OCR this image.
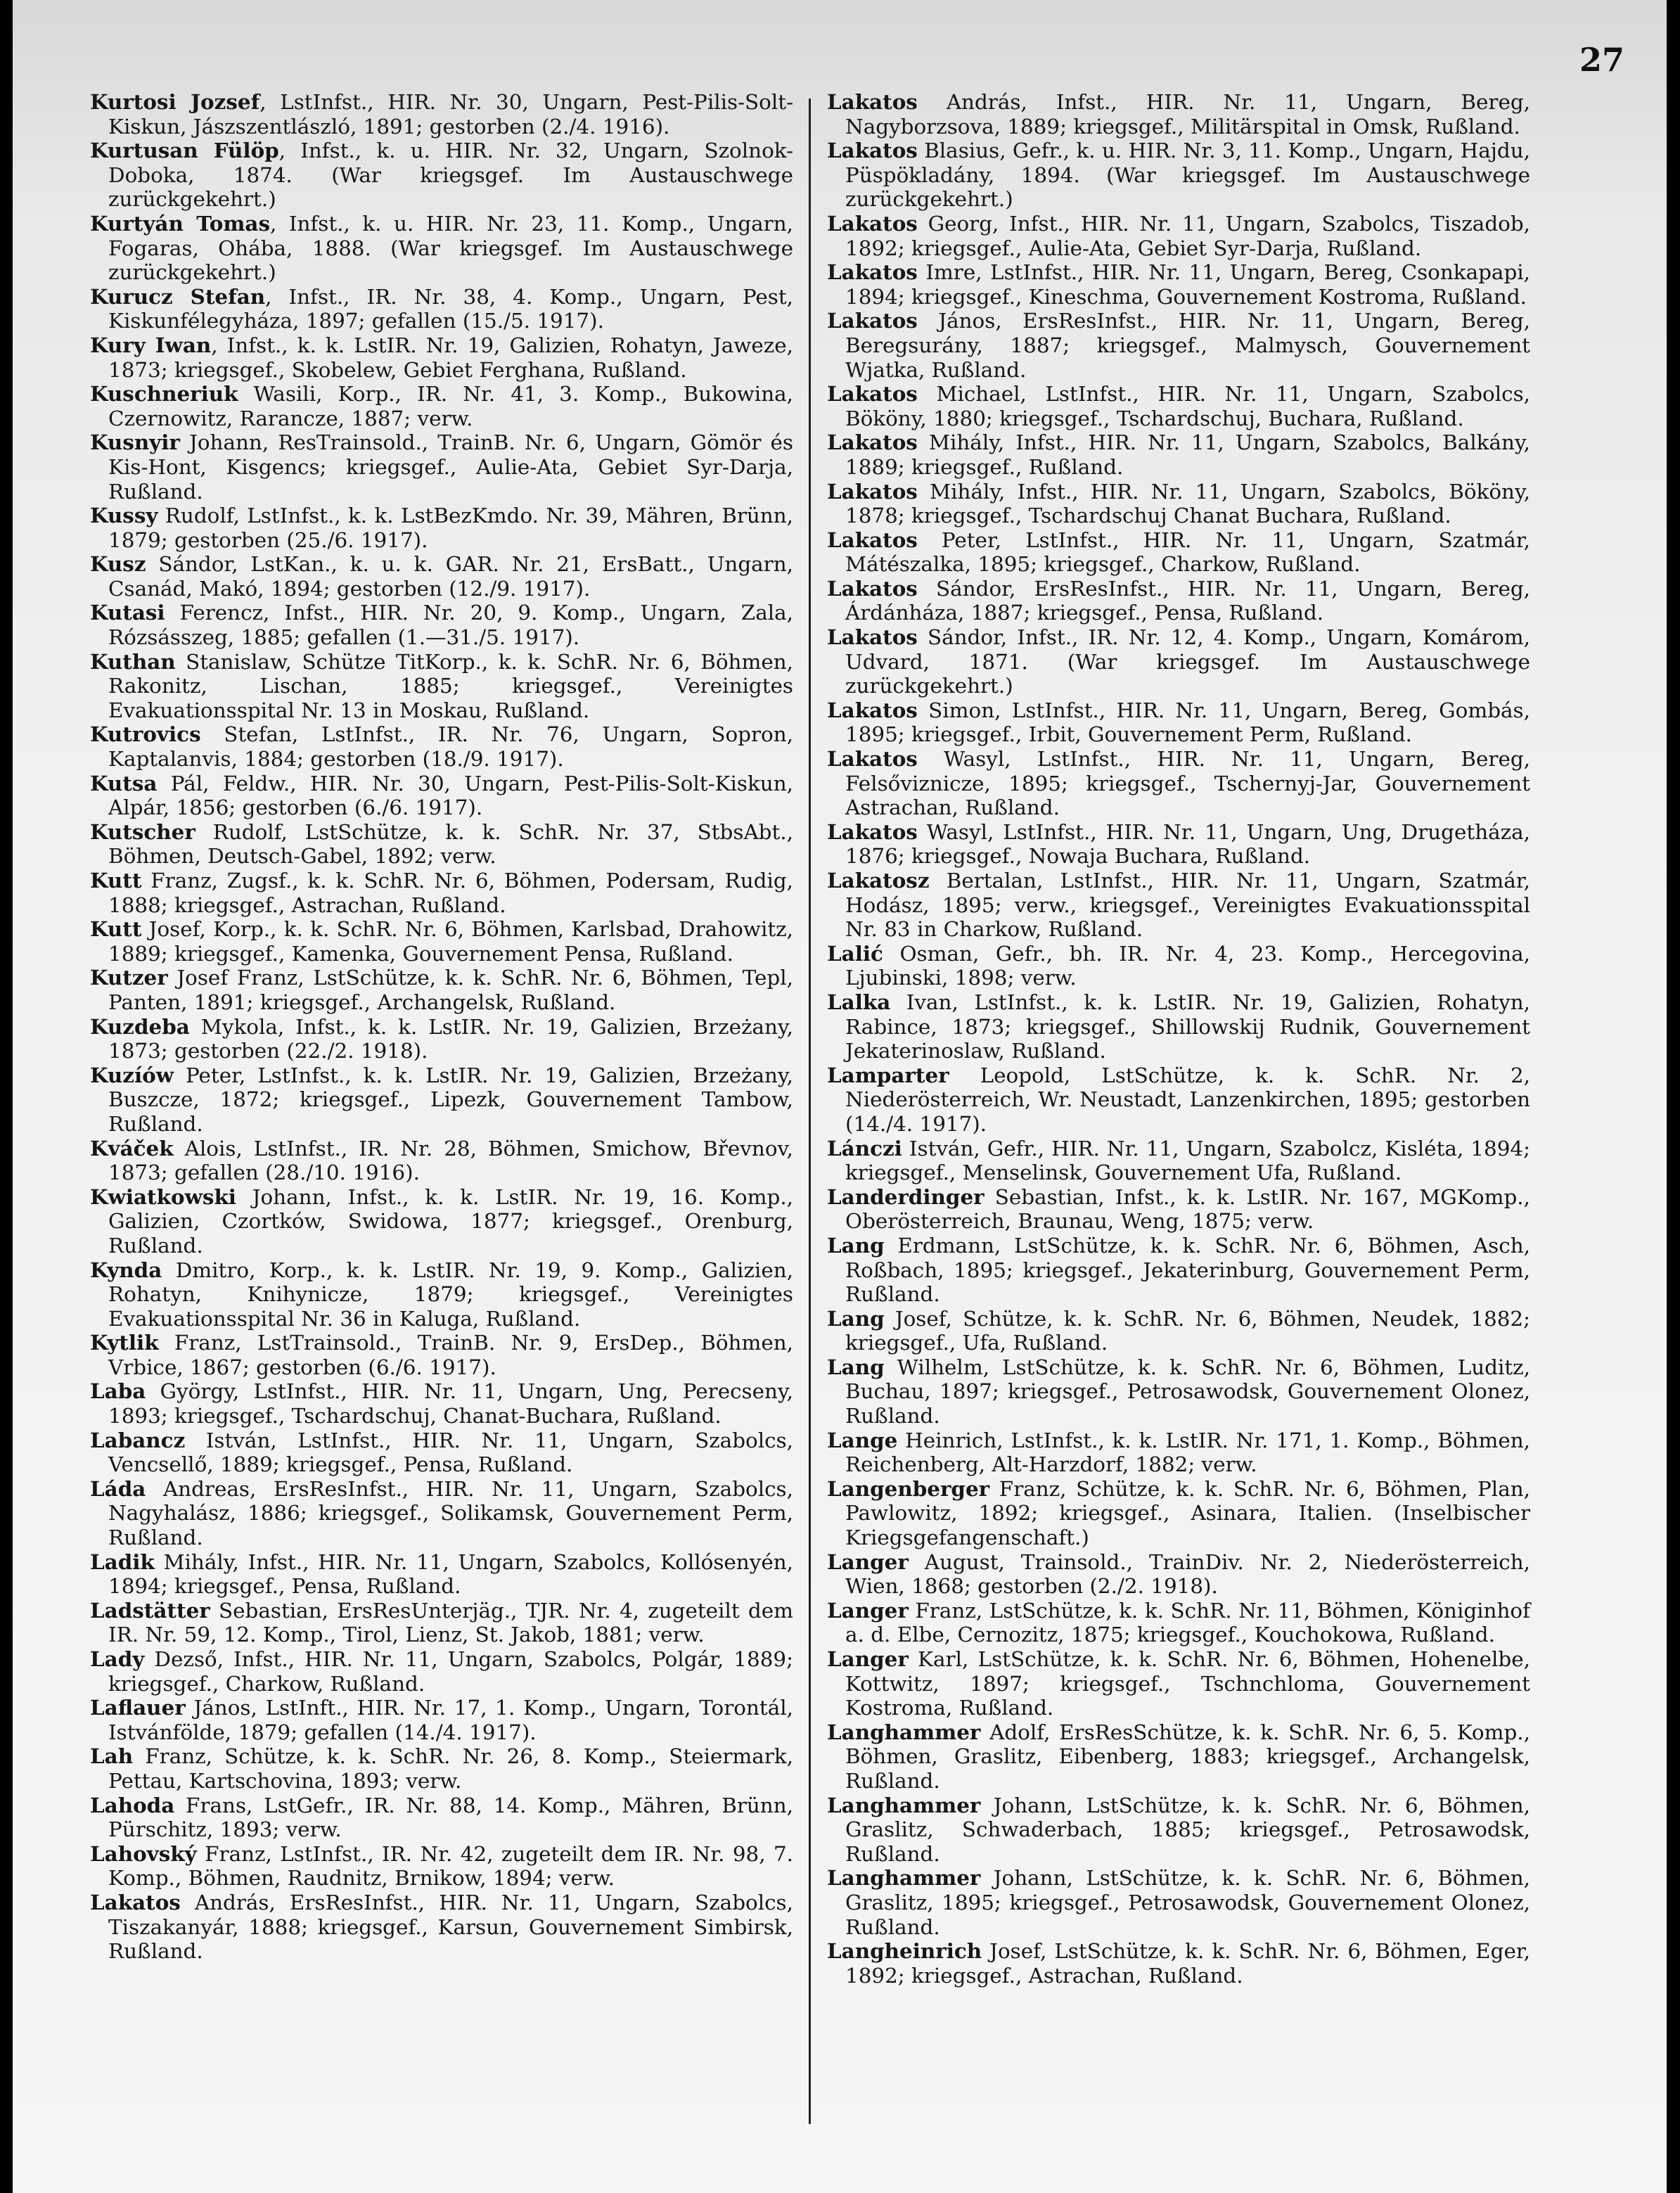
27

Kurtosi Jozsef, LstInfst., HIR. Nr. 30, Ungarn, Pest-Pilis-Solt-Kiskun, Jászszentlászló, 1891; gestorben (2./4. 1916).

Kurtusan Fülöp, Infst., k. u. HIR. Nr. 32, Ungarn, Szolnok-Doboka, 1874. (War kriegsgef. Im Austauschwege zurückgekehrt.)

Kurtyán Tomas, Infst., k. u. HIR. Nr. 23, 11. Komp., Ungarn, Fogaras, Ohába, 1888. (War kriegsgef. Im Austauschwege zurückgekehrt.)

Kurucz Stefan, Infst., IR. Nr. 38, 4. Komp., Ungarn, Pest, Kiskunfélegyháza, 1897; gefallen (15./5. 1917).

Kury Iwan, Infst., k. k. LstIR. Nr. 19, Galizien, Rohatyn, Jaweze, 1873; kriegsgef., Skobelew, Gebiet Ferghana, Rußland.

Kuschneriuk Wasili, Korp., IR. Nr. 41, 3. Komp., Bukowina, Czernowitz, Rarancze, 1887; verw.

Kusnyir Johann, ResTrainsold., TrainB. Nr. 6, Ungarn, Gömör és Kis-Hont, Kisgencs; kriegsgef., Aulie-Ata, Gebiet Syr-Darja, Rußland.

Kussy Rudolf, LstInfst., k. k. LstBezKmdo. Nr. 39, Mähren, Brünn, 1879; gestorben (25./6. 1917).

Kusz Sándor, LstKan., k. u. k. GAR. Nr. 21, ErsBatt., Ungarn, Csanád, Makó, 1894; gestorben (12./9. 1917).

Kutasi Ferencz, Infst., HIR. Nr. 20, 9. Komp., Ungarn, Zala, Rózsásszeg, 1885; gefallen (1.—31./5. 1917).

Kuthan Stanislaw, Schütze TitKorp., k. k. SchR. Nr. 6, Böhmen, Rakonitz, Lischan, 1885; kriegsgef., Vereinigtes Evakuationsspital Nr. 13 in Moskau, Rußland.

Kutrovics Stefan, LstInfst., IR. Nr. 76, Ungarn, Sopron, Kaptalanvis, 1884; gestorben (18./9. 1917).

Kutsa Pál, Feldw., HIR. Nr. 30, Ungarn, Pest-Pilis-Solt-Kiskun, Alpár, 1856; gestorben (6./6. 1917).

Kutscher Rudolf, LstSchütze, k. k. SchR. Nr. 37, StbsAbt., Böhmen, Deutsch-Gabel, 1892; verw.

Kutt Franz, Zugsf., k. k. SchR. Nr. 6, Böhmen, Podersam, Rudig, 1888; kriegsgef., Astrachan, Rußland.

Kutt Josef, Korp., k. k. SchR. Nr. 6, Böhmen, Karlsbad, Drahowitz, 1889; kriegsgef., Kamenka, Gouvernement Pensa, Rußland.

Kutzer Josef Franz, LstSchütze, k. k. SchR. Nr. 6, Böhmen, Tepl, Panten, 1891; kriegsgef., Archangelsk, Rußland.

Kuzdeba Mykola, Infst., k. k. LstIR. Nr. 19, Galizien, Brzeżany, 1873; gestorben (22./2. 1918).

Kuzíów Peter, LstInfst., k. k. LstIR. Nr. 19, Galizien, Brzeżany, Buszcze, 1872; kriegsgef., Lipezk, Gouvernement Tambow, Rußland.

Kváček Alois, LstInfst., IR. Nr. 28, Böhmen, Smichow, Břevnov, 1873; gefallen (28./10. 1916).

Kwiatkowski Johann, Infst., k. k. LstIR. Nr. 19, 16. Komp., Galizien, Czortków, Swidowa, 1877; kriegsgef., Orenburg, Rußland.

Kynda Dmitro, Korp., k. k. LstIR. Nr. 19, 9. Komp., Galizien, Rohatyn, Knihynicze, 1879; kriegsgef., Vereinigtes Evakuationsspital Nr. 36 in Kaluga, Rußland.

Kytlik Franz, LstTrainsold., TrainB. Nr. 9, ErsDep., Böhmen, Vrbice, 1867; gestorben (6./6. 1917).

Laba György, LstInfst., HIR. Nr. 11, Ungarn, Ung, Perecseny, 1893; kriegsgef., Tschardschuj, Chanat-Buchara, Rußland.

Labancz István, LstInfst., HIR. Nr. 11, Ungarn, Szabolcs, Vencsellő, 1889; kriegsgef., Pensa, Rußland.

Láda Andreas, ErsResInfst., HIR. Nr. 11, Ungarn, Szabolcs, Nagyhalász, 1886; kriegsgef., Solikamsk, Gouvernement Perm, Rußland.

Ladik Mihály, Infst., HIR. Nr. 11, Ungarn, Szabolcs, Kollósenyén, 1894; kriegsgef., Pensa, Rußland.

Ladstätter Sebastian, ErsResUnterjäg., TJR. Nr. 4, zugeteilt dem IR. Nr. 59, 12. Komp., Tirol, Lienz, St. Jakob, 1881; verw.

Lady Dezső, Infst., HIR. Nr. 11, Ungarn, Szabolcs, Polgár, 1889; kriegsgef., Charkow, Rußland.

Laflauer János, LstInft., HIR. Nr. 17, 1. Komp., Ungarn, Torontál, Istvánfölde, 1879; gefallen (14./4. 1917).

Lah Franz, Schütze, k. k. SchR. Nr. 26, 8. Komp., Steiermark, Pettau, Kartschovina, 1893; verw.

Lahoda Frans, LstGefr., IR. Nr. 88, 14. Komp., Mähren, Brünn, Pürschitz, 1893; verw.

Lahovský Franz, LstInfst., IR. Nr. 42, zugeteilt dem IR. Nr. 98, 7. Komp., Böhmen, Raudnitz, Brnikow, 1894; verw.

Lakatos András, ErsResInfst., HIR. Nr. 11, Ungarn, Szabolcs, Tiszakanyár, 1888; kriegsgef., Karsun, Gouvernement Simbirsk, Rußland.

Lakatos András, Infst., HIR. Nr. 11, Ungarn, Bereg, Nagyborzsova, 1889; kriegsgef., Militärspital in Omsk, Rußland.

Lakatos Blasius, Gefr., k. u. HIR. Nr. 3, 11. Komp., Ungarn, Hajdu, Püspökladány, 1894. (War kriegsgef. Im Austauschwege zurückgekehrt.)

Lakatos Georg, Infst., HIR. Nr. 11, Ungarn, Szabolcs, Tiszadob, 1892; kriegsgef., Aulie-Ata, Gebiet Syr-Darja, Rußland.

Lakatos Imre, LstInfst., HIR. Nr. 11, Ungarn, Bereg, Csonkapapi, 1894; kriegsgef., Kineschma, Gouvernement Kostroma, Rußland.

Lakatos János, ErsResInfst., HIR. Nr. 11, Ungarn, Bereg, Beregsurány, 1887; kriegsgef., Malmysch, Gouvernement Wjatka, Rußland.

Lakatos Michael, LstInfst., HIR. Nr. 11, Ungarn, Szabolcs, Bököny, 1880; kriegsgef., Tschardschuj, Buchara, Rußland.

Lakatos Mihály, Infst., HIR. Nr. 11, Ungarn, Szabolcs, Balkány, 1889; kriegsgef., Rußland.

Lakatos Mihály, Infst., HIR. Nr. 11, Ungarn, Szabolcs, Bököny, 1878; kriegsgef., Tschardschuj Chanat Buchara, Rußland.

Lakatos Peter, LstInfst., HIR. Nr. 11, Ungarn, Szatmár, Mátészalka, 1895; kriegsgef., Charkow, Rußland.

Lakatos Sándor, ErsResInfst., HIR. Nr. 11, Ungarn, Bereg, Árdánháza, 1887; kriegsgef., Pensa, Rußland.

Lakatos Sándor, Infst., IR. Nr. 12, 4. Komp., Ungarn, Komárom, Udvard, 1871. (War kriegsgef. Im Austauschwege zurückgekehrt.)

Lakatos Simon, LstInfst., HIR. Nr. 11, Ungarn, Bereg, Gombás, 1895; kriegsgef., Irbit, Gouvernement Perm, Rußland.

Lakatos Wasyl, LstInfst., HIR. Nr. 11, Ungarn, Bereg, Felsővizniczе, 1895; kriegsgef., Tschernyj-Jar, Gouvernement Astrachan, Rußland.

Lakatos Wasyl, LstInfst., HIR. Nr. 11, Ungarn, Ung, Drugetháza, 1876; kriegsgef., Nowaja Buchara, Rußland.

Lakatosz Bertalan, LstInfst., HIR. Nr. 11, Ungarn, Szatmár, Hodász, 1895; verw., kriegsgef., Vereinigtes Evakuationsspital Nr. 83 in Charkow, Rußland.

Lalić Osman, Gefr., bh. IR. Nr. 4, 23. Komp., Hercegovina, Ljubinski, 1898; verw.

Lalka Ivan, LstInfst., k. k. LstIR. Nr. 19, Galizien, Rohatyn, Rabince, 1873; kriegsgef., Shillowskij Rudnik, Gouvernement Jekaterinoslaw, Rußland.

Lamparter Leopold, LstSchütze, k. k. SchR. Nr. 2, Niederösterreich, Wr. Neustadt, Lanzenkirchen, 1895; gestorben (14./4. 1917).

Lánczi István, Gefr., HIR. Nr. 11, Ungarn, Szabolcz, Kisléta, 1894; kriegsgef., Menselinsk, Gouvernement Ufa, Rußland.

Landerdinger Sebastian, Infst., k. k. LstIR. Nr. 167, MGKomp., Oberösterreich, Braunau, Weng, 1875; verw.

Lang Erdmann, LstSchütze, k. k. SchR. Nr. 6, Böhmen, Asch, Roßbach, 1895; kriegsgef., Jekaterinburg, Gouvernement Perm, Rußland.

Lang Josef, Schütze, k. k. SchR. Nr. 6, Böhmen, Neudek, 1882; kriegsgef., Ufa, Rußland.

Lang Wilhelm, LstSchütze, k. k. SchR. Nr. 6, Böhmen, Luditz, Buchau, 1897; kriegsgef., Petrosawodsk, Gouvernement Olonez, Rußland.

Lange Heinrich, LstInfst., k. k. LstIR. Nr. 171, 1. Komp., Böhmen, Reichenberg, Alt-Harzdorf, 1882; verw.

Langenberger Franz, Schütze, k. k. SchR. Nr. 6, Böhmen, Plan, Pawlowitz, 1892; kriegsgef., Asinara, Italien. (Inselbischer Kriegsgefangenschaft.)

Langer August, Trainsold., TrainDiv. Nr. 2, Niederösterreich, Wien, 1868; gestorben (2./2. 1918).

Langer Franz, LstSchütze, k. k. SchR. Nr. 11, Böhmen, Königinhof a. d. Elbe, Cernozitz, 1875; kriegsgef., Kouchokowa, Rußland.

Langer Karl, LstSchütze, k. k. SchR. Nr. 6, Böhmen, Hohenelbe, Kottwitz, 1897; kriegsgef., Tschnchloma, Gouvernement Kostroma, Rußland.

Langhammer Adolf, ErsResSchütze, k. k. SchR. Nr. 6, 5. Komp., Böhmen, Graslitz, Eibenberg, 1883; kriegsgef., Archangelsk, Rußland.

Langhammer Johann, LstSchütze, k. k. SchR. Nr. 6, Böhmen, Graslitz, Schwaderbach, 1885; kriegsgef., Petrosawodsk, Rußland.

Langhammer Johann, LstSchütze, k. k. SchR. Nr. 6, Böhmen, Graslitz, 1895; kriegsgef., Petrosawodsk, Gouvernement Olonez, Rußland.

Langheinrich Josef, LstSchütze, k. k. SchR. Nr. 6, Böhmen, Eger, 1892; kriegsgef., Astrachan, Rußland.
